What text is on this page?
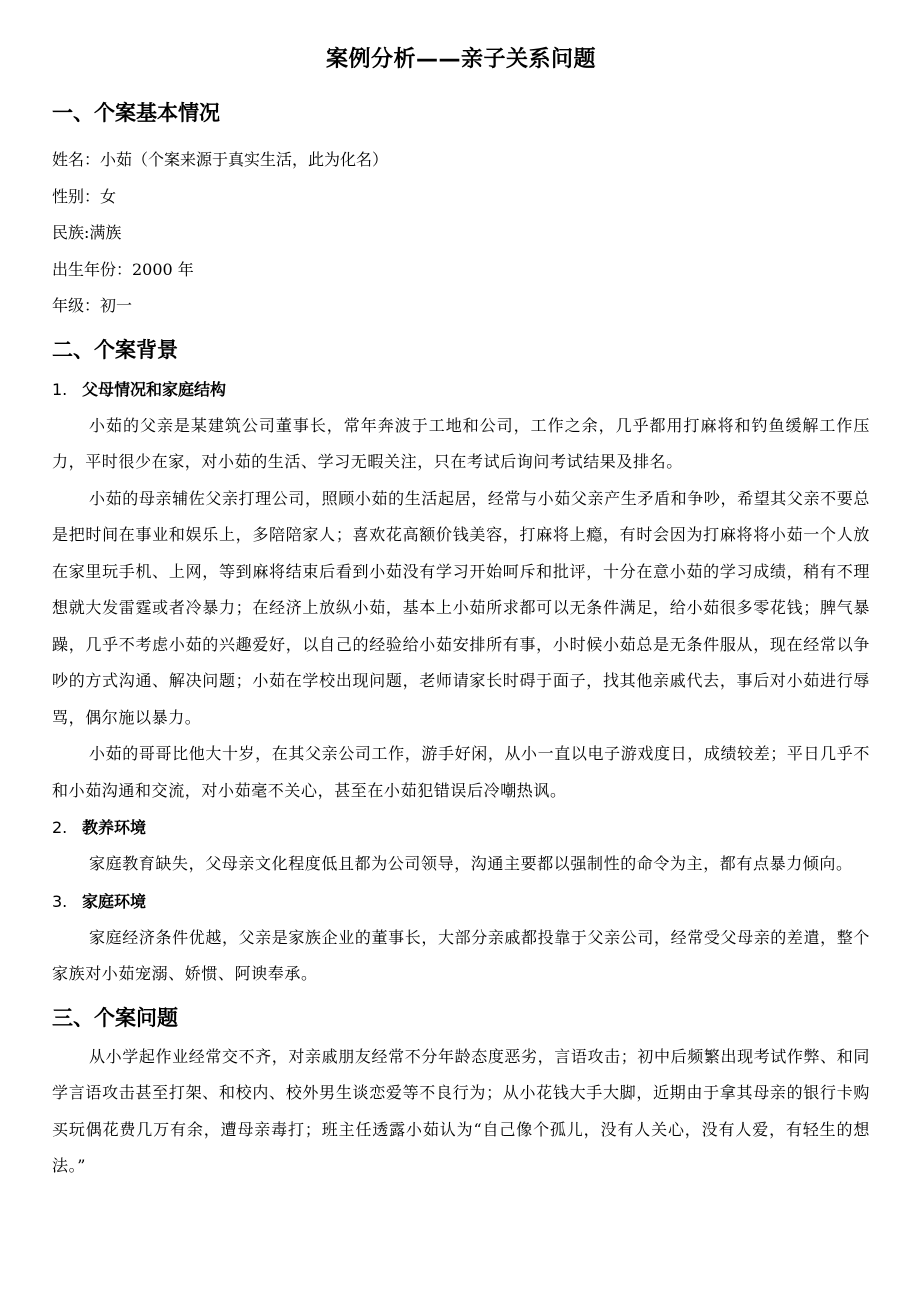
案例分析——亲子关系问题
一、个案基本情况

姓名：小茹（个案来源于真实生活，此为化名）

性别：女

民族:满族

出生年份：2000 年

年级：初一

二、个案背景
1. 父母情况和家庭结构

小茹的父亲是某建筑公司董事长，常年奔波于工地和公司，工作之余，几乎都用打麻将和钓鱼缓解工作压力，平时很少在家，对小茹的生活、学习无暇关注，只在考试后询问考试结果及排名。

小茹的母亲辅佐父亲打理公司，照顾小茹的生活起居，经常与小茹父亲产生矛盾和争吵，希望其父亲不要总是把时间在事业和娱乐上，多陪陪家人；喜欢花高额价钱美容，打麻将上瘾，有时会因为打麻将将小茹一个人放在家里玩手机、上网，等到麻将结束后看到小茹没有学习开始呵斥和批评，十分在意小茹的学习成绩，稍有不理想就大发雷霆或者冷暴力；在经济上放纵小茹，基本上小茹所求都可以无条件满足，给小茹很多零花钱；脾气暴躁，几乎不考虑小茹的兴趣爱好，以自己的经验给小茹安排所有事，小时候小茹总是无条件服从，现在经常以争吵的方式沟通、解决问题；小茹在学校出现问题，老师请家长时碍于面子，找其他亲戚代去，事后对小茹进行辱骂，偶尔施以暴力。

小茹的哥哥比他大十岁，在其父亲公司工作，游手好闲，从小一直以电子游戏度日，成绩较差；平日几乎不和小茹沟通和交流，对小茹毫不关心，甚至在小茹犯错误后冷嘲热讽。

2. 教养环境

家庭教育缺失，父母亲文化程度低且都为公司领导，沟通主要都以强制性的命令为主，都有点暴力倾向。

3. 家庭环境

家庭经济条件优越，父亲是家族企业的董事长，大部分亲戚都投靠于父亲公司，经常受父母亲的差遣，整个家族对小茹宠溺、娇惯、阿谀奉承。

三、个案问题

从小学起作业经常交不齐，对亲戚朋友经常不分年龄态度恶劣，言语攻击；初中后频繁出现考试作弊、和同学言语攻击甚至打架、和校内、校外男生谈恋爱等不良行为；从小花钱大手大脚，近期由于拿其母亲的银行卡购买玩偶花费几万有余，遭母亲毒打；班主任透露小茹认为“自己像个孤儿，没有人关心，没有人爱，有轻生的想法。”
